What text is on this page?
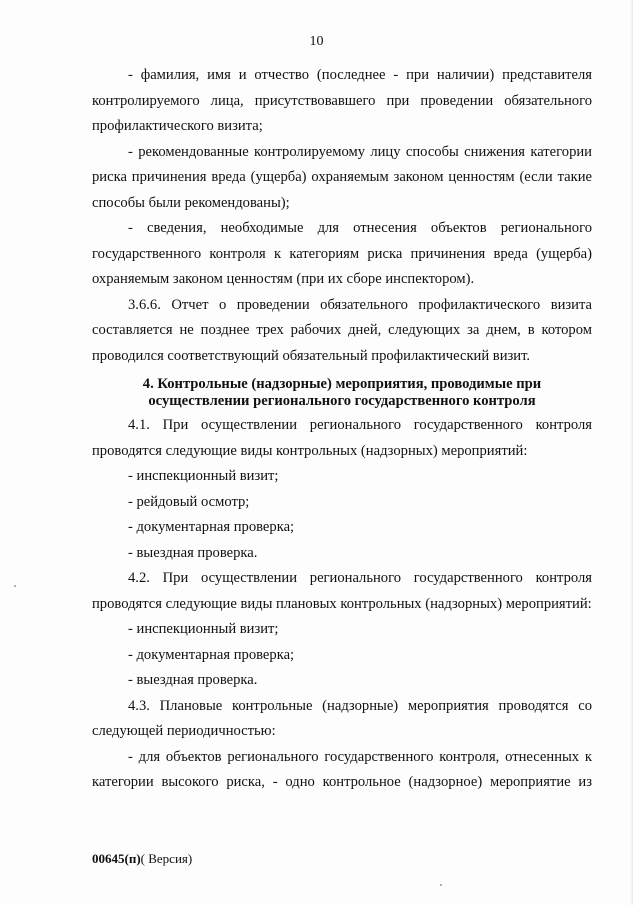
10

- фамилия, имя и отчество (последнее - при наличии) представителя контролируемого лица, присутствовавшего при проведении обязательного профилактического визита;

- рекомендованные контролируемому лицу способы снижения категории риска причинения вреда (ущерба) охраняемым законом ценностям (если такие способы были рекомендованы);

- сведения, необходимые для отнесения объектов регионального государственного контроля к категориям риска причинения вреда (ущерба) охраняемым законом ценностям (при их сборе инспектором).

3.6.6. Отчет о проведении обязательного профилактического визита составляется не позднее трех рабочих дней, следующих за днем, в котором проводился соответствующий обязательный профилактический визит.

4. Контрольные (надзорные) мероприятия, проводимые при осуществлении регионального государственного контроля

4.1. При осуществлении регионального государственного контроля проводятся следующие виды контрольных (надзорных) мероприятий:

- инспекционный визит;

- рейдовый осмотр;

- документарная проверка;

- выездная проверка.

4.2. При осуществлении регионального государственного контроля проводятся следующие виды плановых контрольных (надзорных) мероприятий:

- инспекционный визит;

- документарная проверка;

- выездная проверка.

4.3. Плановые контрольные (надзорные) мероприятия проводятся со следующей периодичностью:

- для объектов регионального государственного контроля, отнесенных к категории высокого риска, - одно контрольное (надзорное) мероприятие из

00645(п)( Версия)
